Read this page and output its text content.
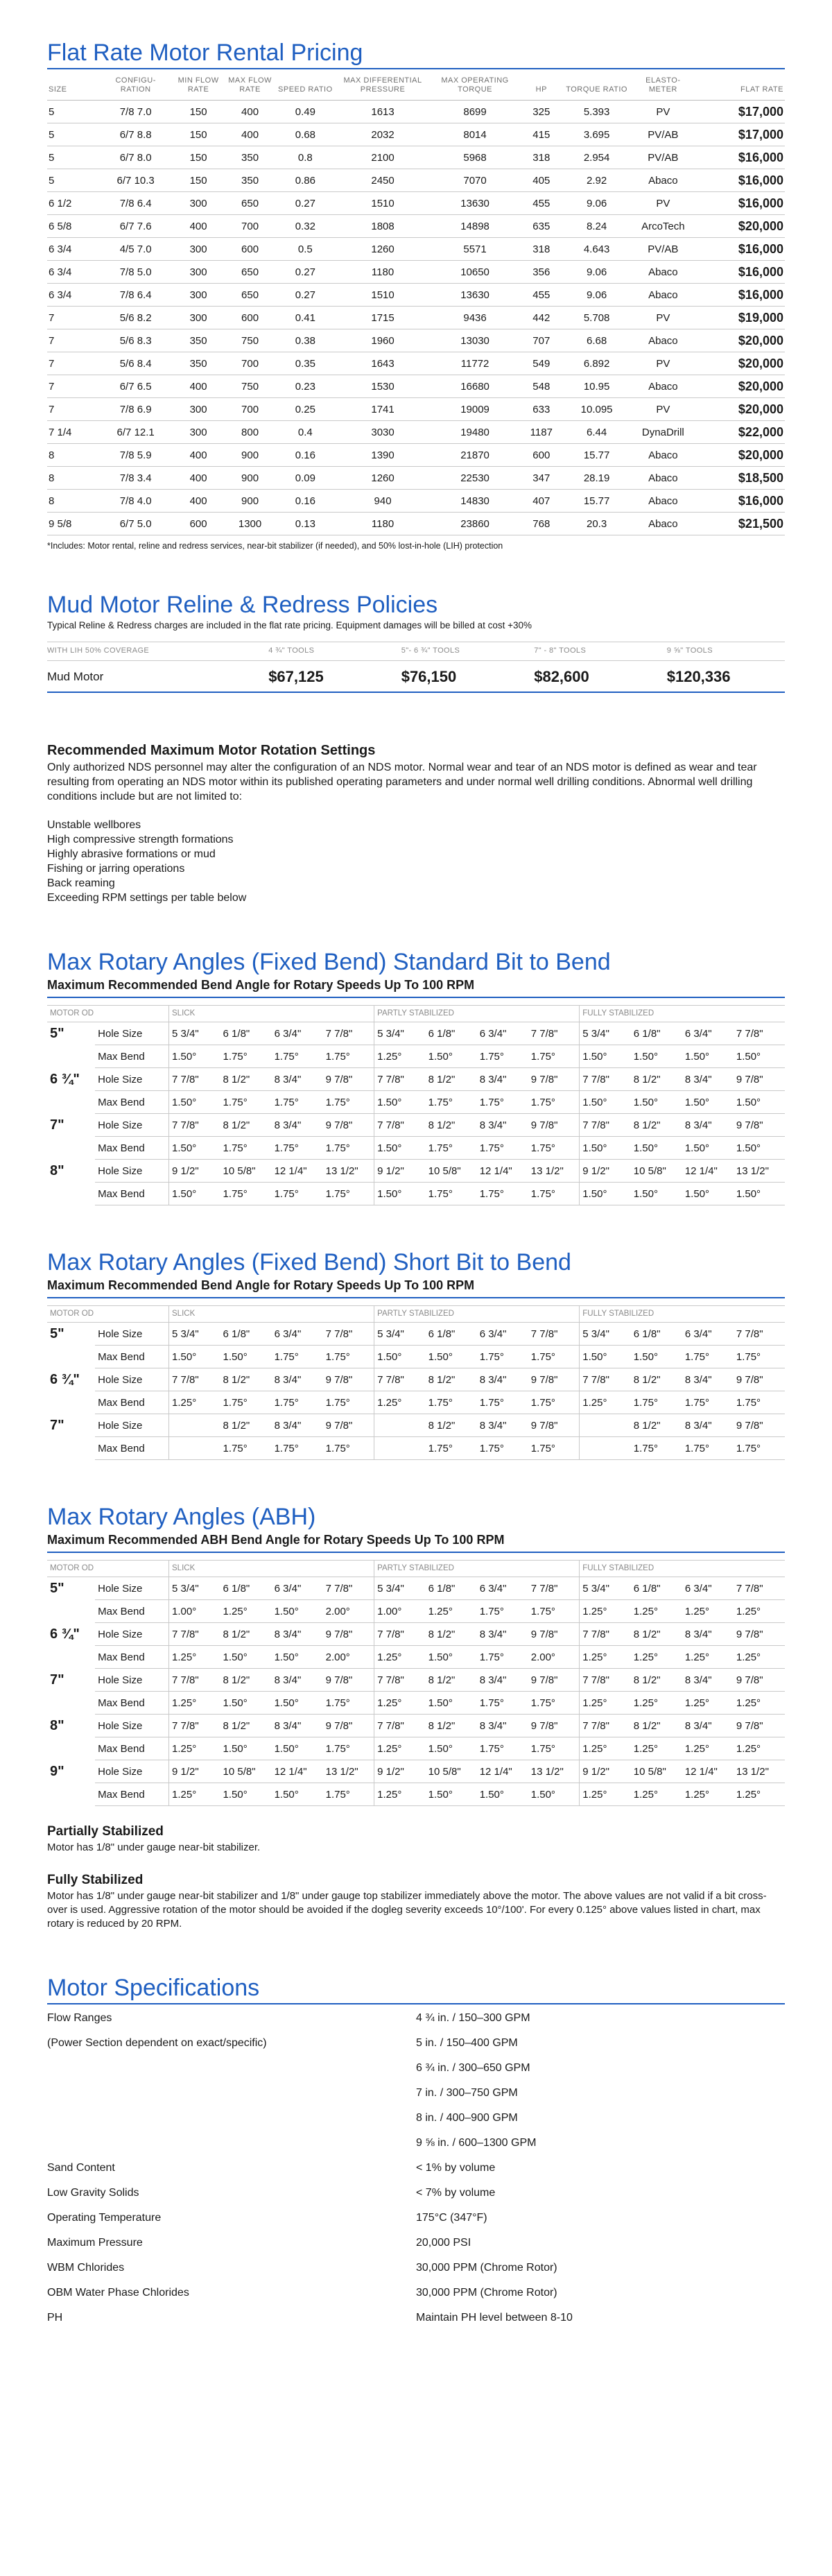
Flat Rate Motor Rental Pricing
SIZE	CONFIGU- RATION	MIN FLOW RATE	MAX FLOW RATE	SPEED RATIO	MAX DIFFERENTIAL PRESSURE	MAX OPERATING TORQUE	HP	TORQUE RATIO	ELASTO- METER	FLAT RATE
5	7/8 7.0	150	400	0.49	1613	8699	325	5.393	PV	$17,000
5	6/7 8.8	150	400	0.68	2032	8014	415	3.695	PV/AB	$17,000
5	6/7 8.0	150	350	0.8	2100	5968	318	2.954	PV/AB	$16,000
5	6/7 10.3	150	350	0.86	2450	7070	405	2.92	Abaco	$16,000
6 1/2	7/8 6.4	300	650	0.27	1510	13630	455	9.06	PV	$16,000
6 5/8	6/7 7.6	400	700	0.32	1808	14898	635	8.24	ArcoTech	$20,000
6 3/4	4/5 7.0	300	600	0.5	1260	5571	318	4.643	PV/AB	$16,000
6 3/4	7/8 5.0	300	650	0.27	1180	10650	356	9.06	Abaco	$16,000
6 3/4	7/8 6.4	300	650	0.27	1510	13630	455	9.06	Abaco	$16,000
7	5/6 8.2	300	600	0.41	1715	9436	442	5.708	PV	$19,000
7	5/6 8.3	350	750	0.38	1960	13030	707	6.68	Abaco	$20,000
7	5/6 8.4	350	700	0.35	1643	11772	549	6.892	PV	$20,000
7	6/7 6.5	400	750	0.23	1530	16680	548	10.95	Abaco	$20,000
7	7/8 6.9	300	700	0.25	1741	19009	633	10.095	PV	$20,000
7 1/4	6/7 12.1	300	800	0.4	3030	19480	1187	6.44	DynaDrill	$22,000
8	7/8 5.9	400	900	0.16	1390	21870	600	15.77	Abaco	$20,000
8	7/8 3.4	400	900	0.09	1260	22530	347	28.19	Abaco	$18,500
8	7/8 4.0	400	900	0.16	940	14830	407	15.77	Abaco	$16,000
9 5/8	6/7 5.0	600	1300	0.13	1180	23860	768	20.3	Abaco	$21,500

*Includes: Motor rental, reline and redress services, near-bit stabilizer (if needed), and 50% lost-in-hole (LIH) protection

Mud Motor Reline & Redress Policies

Typical Reline & Redress charges are included in the flat rate pricing. Equipment damages will be billed at cost +30%

WITH LIH 50% COVERAGE	4 ¾" TOOLS	5"- 6 ¾" TOOLS	7" - 8" TOOLS	9 ⅝" TOOLS
Mud Motor	$67,125	$76,150	$82,600	$120,336
Recommended Maximum Motor Rotation Settings

Only authorized NDS personnel may alter the configuration of an NDS motor. Normal wear and tear of an NDS motor is defined as wear and tear resulting from operating an NDS motor within its published operating parameters and under normal well drilling conditions. Abnormal well drilling conditions include but are not limited to:

Unstable wellbores
High compressive strength formations
Highly abrasive formations or mud
Fishing or jarring operations
Back reaming
Exceeding RPM settings per table below
Max Rotary Angles (Fixed Bend) Standard Bit to Bend
Maximum Recommended Bend Angle for Rotary Speeds Up To 100 RPM
MOTOR OD		SLICK				PARTLY STABILIZED				FULLY STABILIZED			
5"	Hole Size	5 3/4"	6 1/8"	6 3/4"	7 7/8"	5 3/4"	6 1/8"	6 3/4"	7 7/8"	5 3/4"	6 1/8"	6 3/4"	7 7/8"
	Max Bend	1.50°	1.75°	1.75°	1.75°	1.25°	1.50°	1.75°	1.75°	1.50°	1.50°	1.50°	1.50°
6 ¾"	Hole Size	7 7/8"	8 1/2"	8 3/4"	9 7/8"	7 7/8"	8 1/2"	8 3/4"	9 7/8"	7 7/8"	8 1/2"	8 3/4"	9 7/8"
	Max Bend	1.50°	1.75°	1.75°	1.75°	1.50°	1.75°	1.75°	1.75°	1.50°	1.50°	1.50°	1.50°
7"	Hole Size	7 7/8"	8 1/2"	8 3/4"	9 7/8"	7 7/8"	8 1/2"	8 3/4"	9 7/8"	7 7/8"	8 1/2"	8 3/4"	9 7/8"
	Max Bend	1.50°	1.75°	1.75°	1.75°	1.50°	1.75°	1.75°	1.75°	1.50°	1.50°	1.50°	1.50°
8"	Hole Size	9 1/2"	10 5/8"	12 1/4"	13 1/2"	9 1/2"	10 5/8"	12 1/4"	13 1/2"	9 1/2"	10 5/8"	12 1/4"	13 1/2"
	Max Bend	1.50°	1.75°	1.75°	1.75°	1.50°	1.75°	1.75°	1.75°	1.50°	1.50°	1.50°	1.50°
Max Rotary Angles (Fixed Bend) Short Bit to Bend
Maximum Recommended Bend Angle for Rotary Speeds Up To 100 RPM
MOTOR OD		SLICK				PARTLY STABILIZED				FULLY STABILIZED			
5"	Hole Size	5 3/4"	6 1/8"	6 3/4"	7 7/8"	5 3/4"	6 1/8"	6 3/4"	7 7/8"	5 3/4"	6 1/8"	6 3/4"	7 7/8"
	Max Bend	1.50°	1.50°	1.75°	1.75°	1.50°	1.50°	1.75°	1.75°	1.50°	1.50°	1.75°	1.75°
6 ¾"	Hole Size	7 7/8"	8 1/2"	8 3/4"	9 7/8"	7 7/8"	8 1/2"	8 3/4"	9 7/8"	7 7/8"	8 1/2"	8 3/4"	9 7/8"
	Max Bend	1.25°	1.75°	1.75°	1.75°	1.25°	1.75°	1.75°	1.75°	1.25°	1.75°	1.75°	1.75°
7"	Hole Size		8 1/2"	8 3/4"	9 7/8"		8 1/2"	8 3/4"	9 7/8"		8 1/2"	8 3/4"	9 7/8"
	Max Bend		1.75°	1.75°	1.75°		1.75°	1.75°	1.75°		1.75°	1.75°	1.75°
Max Rotary Angles (ABH)
Maximum Recommended ABH Bend Angle for Rotary Speeds Up To 100 RPM
MOTOR OD		SLICK				PARTLY STABILIZED				FULLY STABILIZED			
5"	Hole Size	5 3/4"	6 1/8"	6 3/4"	7 7/8"	5 3/4"	6 1/8"	6 3/4"	7 7/8"	5 3/4"	6 1/8"	6 3/4"	7 7/8"
	Max Bend	1.00°	1.25°	1.50°	2.00°	1.00°	1.25°	1.75°	1.75°	1.25°	1.25°	1.25°	1.25°
6 ¾"	Hole Size	7 7/8"	8 1/2"	8 3/4"	9 7/8"	7 7/8"	8 1/2"	8 3/4"	9 7/8"	7 7/8"	8 1/2"	8 3/4"	9 7/8"
	Max Bend	1.25°	1.50°	1.50°	2.00°	1.25°	1.50°	1.75°	2.00°	1.25°	1.25°	1.25°	1.25°
7"	Hole Size	7 7/8"	8 1/2"	8 3/4"	9 7/8"	7 7/8"	8 1/2"	8 3/4"	9 7/8"	7 7/8"	8 1/2"	8 3/4"	9 7/8"
	Max Bend	1.25°	1.50°	1.50°	1.75°	1.25°	1.50°	1.75°	1.75°	1.25°	1.25°	1.25°	1.25°
8"	Hole Size	7 7/8"	8 1/2"	8 3/4"	9 7/8"	7 7/8"	8 1/2"	8 3/4"	9 7/8"	7 7/8"	8 1/2"	8 3/4"	9 7/8"
	Max Bend	1.25°	1.50°	1.50°	1.75°	1.25°	1.50°	1.75°	1.75°	1.25°	1.25°	1.25°	1.25°
9"	Hole Size	9 1/2"	10 5/8"	12 1/4"	13 1/2"	9 1/2"	10 5/8"	12 1/4"	13 1/2"	9 1/2"	10 5/8"	12 1/4"	13 1/2"
	Max Bend	1.25°	1.50°	1.50°	1.75°	1.25°	1.50°	1.50°	1.50°	1.25°	1.25°	1.25°	1.25°
Partially Stabilized
Motor has 1/8" under gauge near-bit stabilizer.
Fully Stabilized
Motor has 1/8" under gauge near-bit stabilizer and 1/8" under gauge top stabilizer immediately above the motor. The above values are not valid if a bit cross-over is used. Aggressive rotation of the motor should be avoided if the dogleg severity exceeds 10°/100'. For every 0.125° above values listed in chart, max rotary is reduced by 20 RPM.
Motor Specifications
Flow Ranges	4 ¾ in. / 150–300 GPM
(Power Section dependent on exact/specific)	5 in. / 150–400 GPM
	6 ¾ in. / 300–650 GPM
	7 in. / 300–750 GPM
	8 in. / 400–900 GPM
	9 ⅝ in. / 600–1300 GPM
Sand Content	< 1% by volume
Low Gravity Solids	< 7% by volume
Operating Temperature	175°C (347°F)
Maximum Pressure	20,000 PSI
WBM Chlorides	30,000 PPM (Chrome Rotor)
OBM Water Phase Chlorides	30,000 PPM (Chrome Rotor)
PH	Maintain PH level between 8-10
